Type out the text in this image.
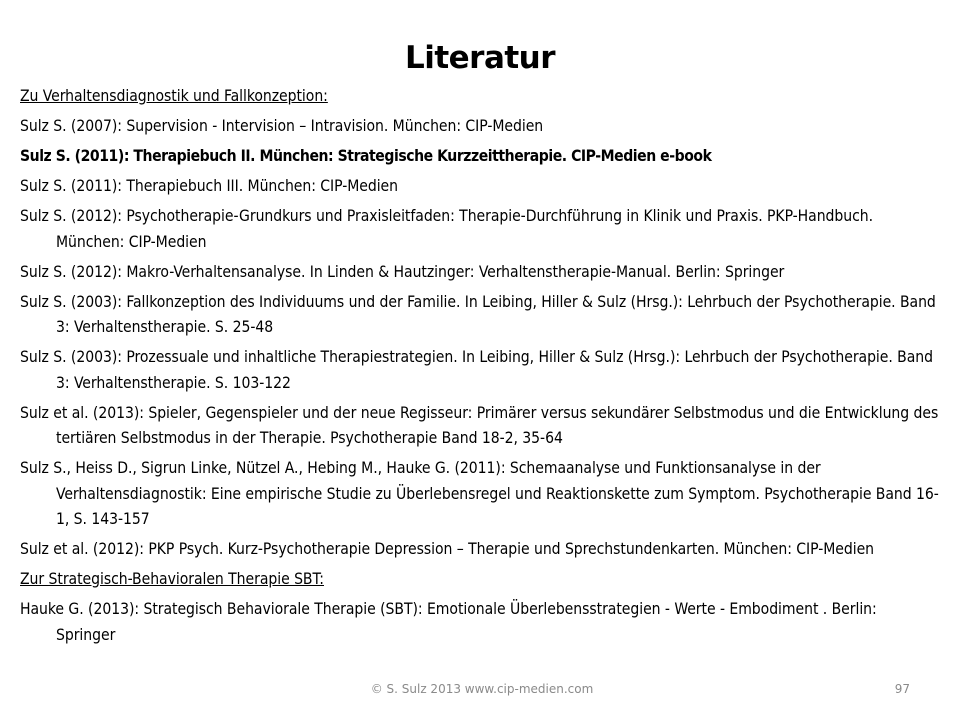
Literatur
Zu Verhaltensdiagnostik und Fallkonzeption:
Sulz S. (2007): Supervision - Intervision – Intravision. München: CIP-Medien
Sulz S. (2011): Therapiebuch II. München: Strategische Kurzzeittherapie. CIP-Medien e-book
Sulz S. (2011): Therapiebuch III. München: CIP-Medien
Sulz S. (2012): Psychotherapie-Grundkurs und Praxisleitfaden: Therapie-Durchführung in Klinik und Praxis. PKP-Handbuch. München: CIP-Medien
Sulz S. (2012): Makro-Verhaltensanalyse. In Linden & Hautzinger: Verhaltenstherapie-Manual. Berlin: Springer
Sulz S. (2003): Fallkonzeption des Individuums und der Familie. In Leibing, Hiller & Sulz (Hrsg.): Lehrbuch der Psychotherapie. Band 3: Verhaltenstherapie. S. 25-48
Sulz S. (2003): Prozessuale und inhaltliche Therapiestrategien. In Leibing, Hiller & Sulz (Hrsg.): Lehrbuch der Psychotherapie. Band 3: Verhaltenstherapie. S. 103-122
Sulz et al. (2013): Spieler, Gegenspieler und der neue Regisseur: Primärer versus sekundärer Selbstmodus und die Entwicklung des tertiären Selbstmodus in der Therapie. Psychotherapie Band 18-2, 35-64
Sulz S., Heiss D., Sigrun Linke, Nützel A., Hebing M., Hauke G. (2011): Schemaanalyse und Funktionsanalyse in der Verhaltensdiagnostik: Eine empirische Studie zu Überlebensregel und Reaktionskette zum Symptom. Psychotherapie Band 16-1, S. 143-157
Sulz et al. (2012): PKP Psych. Kurz-Psychotherapie Depression – Therapie und Sprechstundenkarten. München: CIP-Medien
Zur Strategisch-Behavioralen Therapie SBT:
Hauke G. (2013): Strategisch Behaviorale Therapie (SBT): Emotionale Überlebensstrategien - Werte - Embodiment . Berlin: Springer
© S. Sulz 2013 www.cip-medien.com	97
